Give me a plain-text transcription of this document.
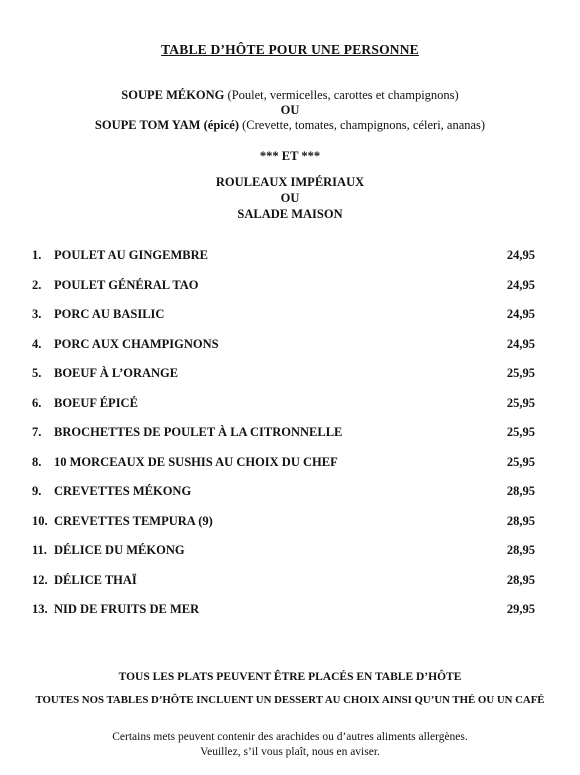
TABLE D’HÔTE POUR UNE PERSONNE
SOUPE MÉKONG (Poulet, vermicelles, carottes et champignons)
OU
SOUPE TOM YAM (épicé) (Crevette, tomates, champignons, céleri, ananas)
*** ET ***
ROULEAUX IMPÉRIAUX
OU
SALADE MAISON
1. POULET AU GINGEMBRE	24,95
2. POULET GÉNÉRAL TAO	24,95
3. PORC AU BASILIC	24,95
4. PORC AUX CHAMPIGNONS	24,95
5. BOEUF À L’ORANGE	25,95
6. BOEUF ÉPICÉ	25,95
7. BROCHETTES DE POULET À LA CITRONNELLE	25,95
8. 10 MORCEAUX DE SUSHIS AU CHOIX DU CHEF	25,95
9. CREVETTES MÉKONG	28,95
10. CREVETTES TEMPURA (9)	28,95
11. DÉLICE DU MÉKONG	28,95
12. DÉLICE THAÏ	28,95
13. NID DE FRUITS DE MER	29,95
TOUS LES PLATS PEUVENT ÊTRE PLACÉS EN TABLE D’HÔTE
TOUTES NOS TABLES D’HÔTE INCLUENT UN DESSERT AU CHOIX AINSI QU’UN THÉ OU UN CAFÉ
Certains mets peuvent contenir des arachides ou d’autres aliments allergènes.
Veuillez, s’il vous plaît, nous en aviser.
